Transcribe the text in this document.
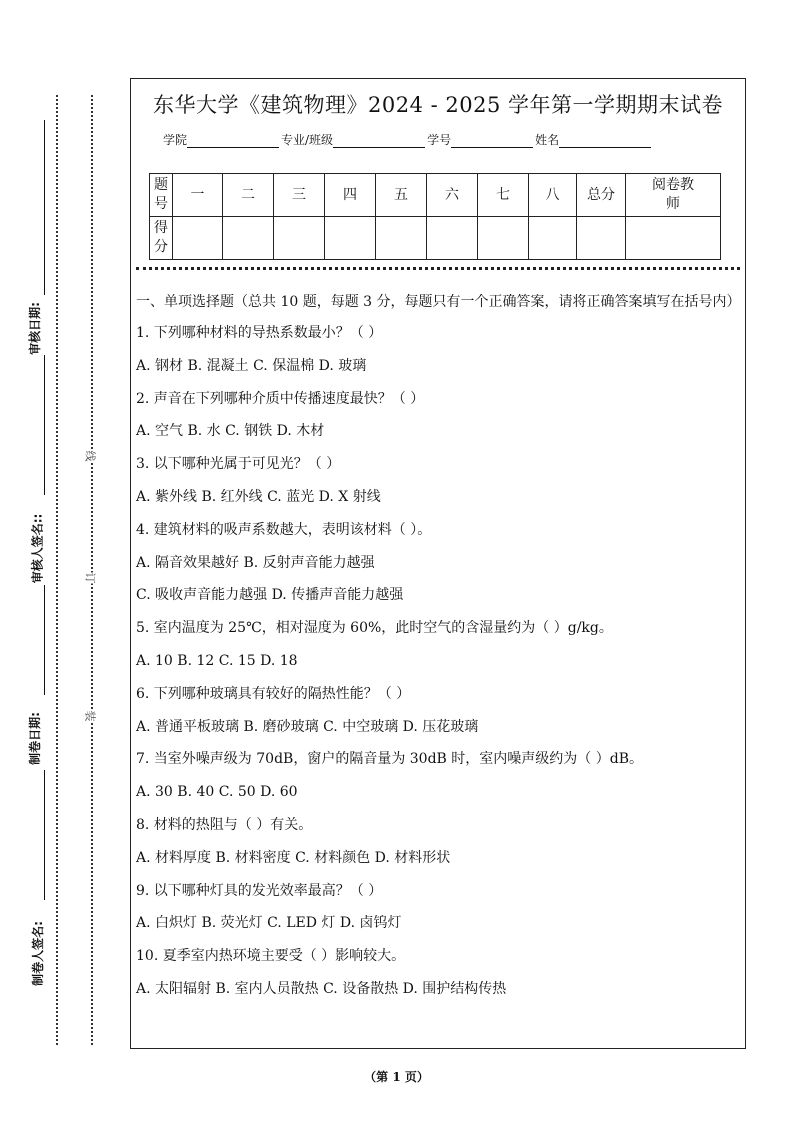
审核日期:
审核人签名::
制卷日期:
制卷人签名:
线
订
装
东华大学《建筑物理》2024 - 2025 学年第一学期期末试卷
学院	专业/班级	学号	姓名
题号	一	二	三	四	五	六	七	八	总分	阅卷教师
得分										
一、单项选择题（总共 10 题，每题 3 分，每题只有一个正确答案，请将正确答案填写在括号内）
1. 下列哪种材料的导热系数最小？（ ）
A. 钢材 B. 混凝土 C. 保温棉 D. 玻璃
2. 声音在下列哪种介质中传播速度最快？（ ）
A. 空气 B. 水 C. 钢铁 D. 木材
3. 以下哪种光属于可见光？（ ）
A. 紫外线 B. 红外线 C. 蓝光 D. X 射线
4. 建筑材料的吸声系数越大，表明该材料（ ）。
A. 隔音效果越好 B. 反射声音能力越强
C. 吸收声音能力越强 D. 传播声音能力越强
5. 室内温度为 25℃，相对湿度为 60%，此时空气的含湿量约为（ ）g/kg。
A. 10 B. 12 C. 15 D. 18
6. 下列哪种玻璃具有较好的隔热性能？（ ）
A. 普通平板玻璃 B. 磨砂玻璃 C. 中空玻璃 D. 压花玻璃
7. 当室外噪声级为 70dB，窗户的隔音量为 30dB 时，室内噪声级约为（ ）dB。
A. 30 B. 40 C. 50 D. 60
8. 材料的热阻与（ ）有关。
A. 材料厚度 B. 材料密度 C. 材料颜色 D. 材料形状
9. 以下哪种灯具的发光效率最高？（ ）
A. 白炽灯 B. 荧光灯 C. LED 灯 D. 卤钨灯
10. 夏季室内热环境主要受（ ）影响较大。
A. 太阳辐射 B. 室内人员散热 C. 设备散热 D. 围护结构传热
（第 1 页）
